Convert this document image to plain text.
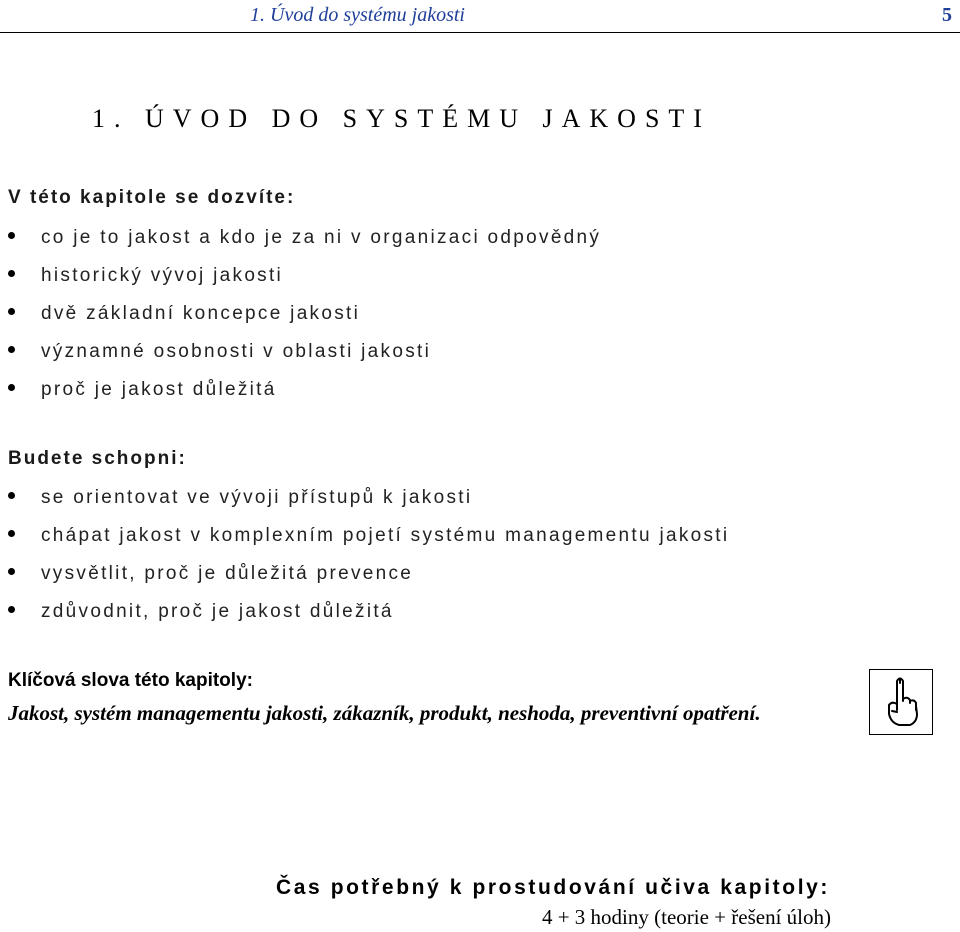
1. Úvod do systému jakosti	5
1. ÚVOD DO SYSTÉMU JAKOSTI
V této kapitole se dozvíte:
co je to jakost a kdo je za ni v organizaci odpovědný
historický vývoj jakosti
dvě základní koncepce jakosti
významné osobnosti v oblasti jakosti
proč je jakost důležitá
Budete schopni:
se orientovat ve vývoji přístupů k jakosti
chápat jakost v komplexním pojetí systému managementu jakosti
vysvětlit, proč je důležitá prevence
zdůvodnit, proč je jakost důležitá
Klíčová slova této kapitoly:
Jakost, systém managementu jakosti, zákazník, produkt, neshoda, preventivní opatření.
Čas potřebný k prostudování učiva kapitoly:
4 + 3 hodiny (teorie + řešení úloh)
